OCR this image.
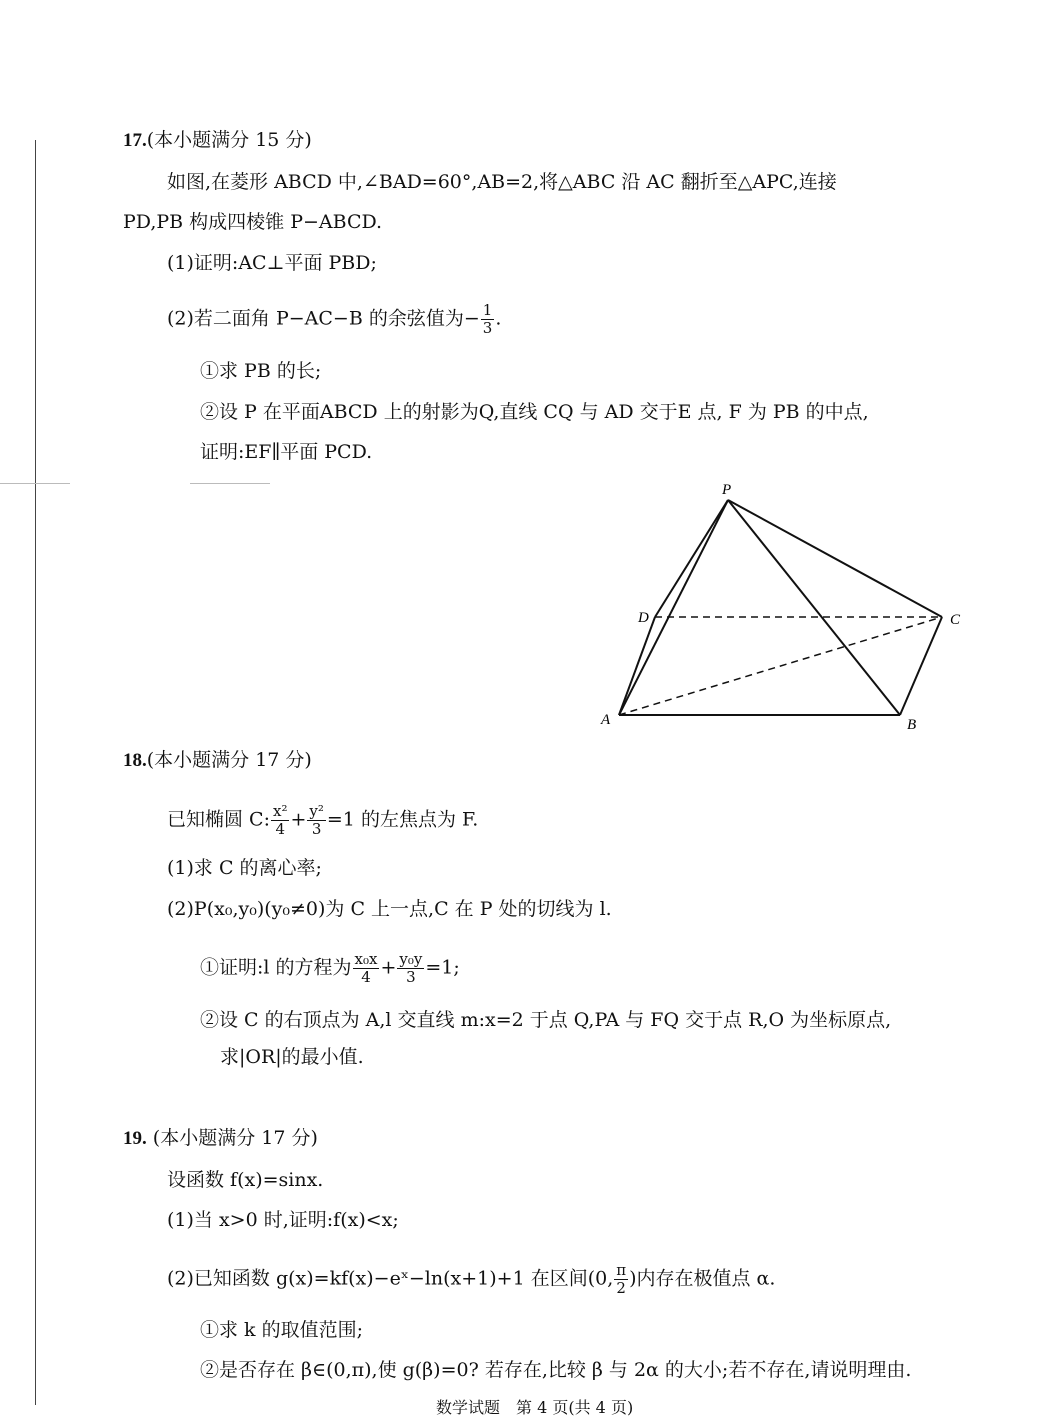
17.(本小题满分 15 分)
如图,在菱形 ABCD 中,∠BAD=60°,AB=2,将△ABC 沿 AC 翻折至△APC,连接
PD,PB 构成四棱锥 P−ABCD.
(1)证明:AC⊥平面 PBD;
(2)若二面角 P−AC−B 的余弦值为− $\frac{1}{3}$ .
①求 PB 的长;
②设 P 在平面ABCD 上的射影为Q,直线 CQ 与 AD 交于E 点, F 为 PB 的中点,
证明:EF∥平面 PCD.
P
D	C
A	B
18.(本小题满分 17 分)
已知椭圆 C: $\frac{\text{x²}}{4} + \frac{\text{y²}}{3} =1$ 的左焦点为 F.
(1)求 C 的离心率;
(2)P(x₀,y₀)(y₀≠0)为 C 上一点,C 在 P 处的切线为 l.
①证明:l 的方程为 $\frac{\text{x₀x}}{4} + \frac{\text{y₀y}}{3} =1$;
②设 C 的右顶点为 A,l 交直线 m:x=2 于点 Q,PA 与 FQ 交于点 R,O 为坐标原点,
求|OR|的最小值.
19. (本小题满分 17 分)
设函数 f(x)=sinx.
(1)当 x>0 时,证明:f(x)<x;
(2)已知函数 g(x)=kf(x)−eˣ−ln(x+1)+1 在区间(0, $\frac{\pi}{2}$ )内存在极值点 α.
①求 k 的取值范围;
②是否存在 β∈(0,π),使 g(β)=0? 若存在,比较 β 与 2α 的大小;若不存在,请说明理由.
数学试题　第 4 页(共 4 页)
